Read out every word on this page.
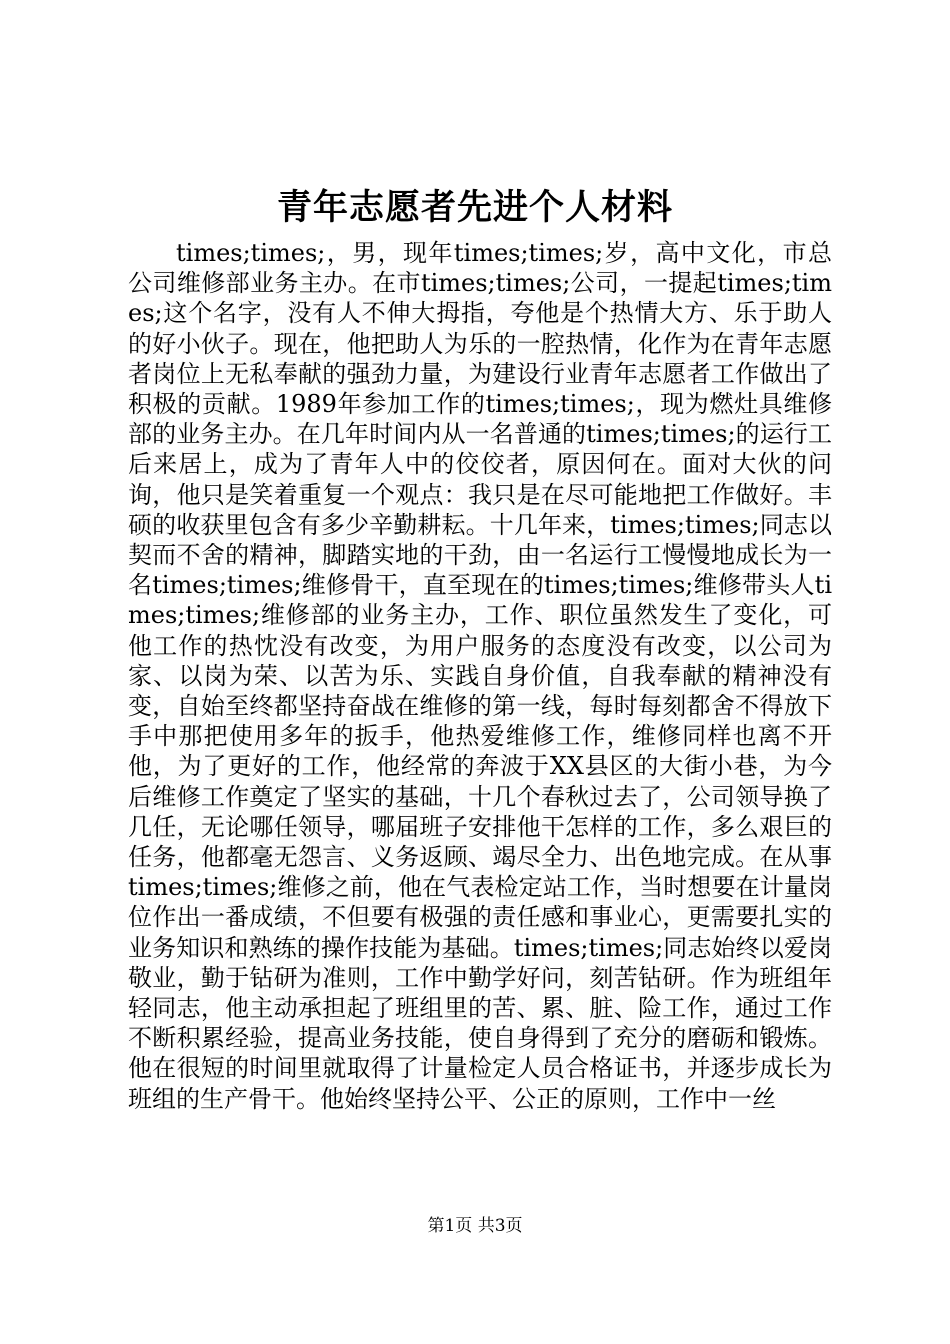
青年志愿者先进个人材料

times;times;，男，现年times;times;岁，高中文化，市总公司维修部业务主办。在市times;times;公司，一提起times;times;这个名字，没有人不伸大拇指，夸他是个热情大方、乐于助人的好小伙子。现在，他把助人为乐的一腔热情，化作为在青年志愿者岗位上无私奉献的强劲力量，为建设行业青年志愿者工作做出了积极的贡献。1989年参加工作的times;times;，现为燃灶具维修部的业务主办。在几年时间内从一名普通的times;times;的运行工后来居上，成为了青年人中的佼佼者，原因何在。面对大伙的问询，他只是笑着重复一个观点：我只是在尽可能地把工作做好。丰硕的收获里包含有多少辛勤耕耘。十几年来，times;times;同志以契而不舍的精神，脚踏实地的干劲，由一名运行工慢慢地成长为一名times;times;维修骨干，直至现在的times;times;维修带头人times;times;维修部的业务主办，工作、职位虽然发生了变化，可他工作的热忱没有改变，为用户服务的态度没有改变，以公司为家、以岗为荣、以苦为乐、实践自身价值，自我奉献的精神没有变，自始至终都坚持奋战在维修的第一线，每时每刻都舍不得放下手中那把使用多年的扳手，他热爱维修工作，维修同样也离不开他，为了更好的工作，他经常的奔波于XX县区的大街小巷，为今后维修工作奠定了坚实的基础，十几个春秋过去了，公司领导换了几任，无论哪任领导，哪届班子安排他干怎样的工作，多么艰巨的任务，他都毫无怨言、义务返顾、竭尽全力、出色地完成。在从事times;times;维修之前，他在气表检定站工作，当时想要在计量岗位作出一番成绩，不但要有极强的责任感和事业心，更需要扎实的业务知识和熟练的操作技能为基础。times;times;同志始终以爱岗敬业，勤于钻研为准则，工作中勤学好问，刻苦钻研。作为班组年轻同志，他主动承担起了班组里的苦、累、脏、险工作，通过工作不断积累经验，提高业务技能，使自身得到了充分的磨砺和锻炼。他在很短的时间里就取得了计量检定人员合格证书，并逐步成长为班组的生产骨干。他始终坚持公平、公正的原则，工作中一丝

第1页 共3页
